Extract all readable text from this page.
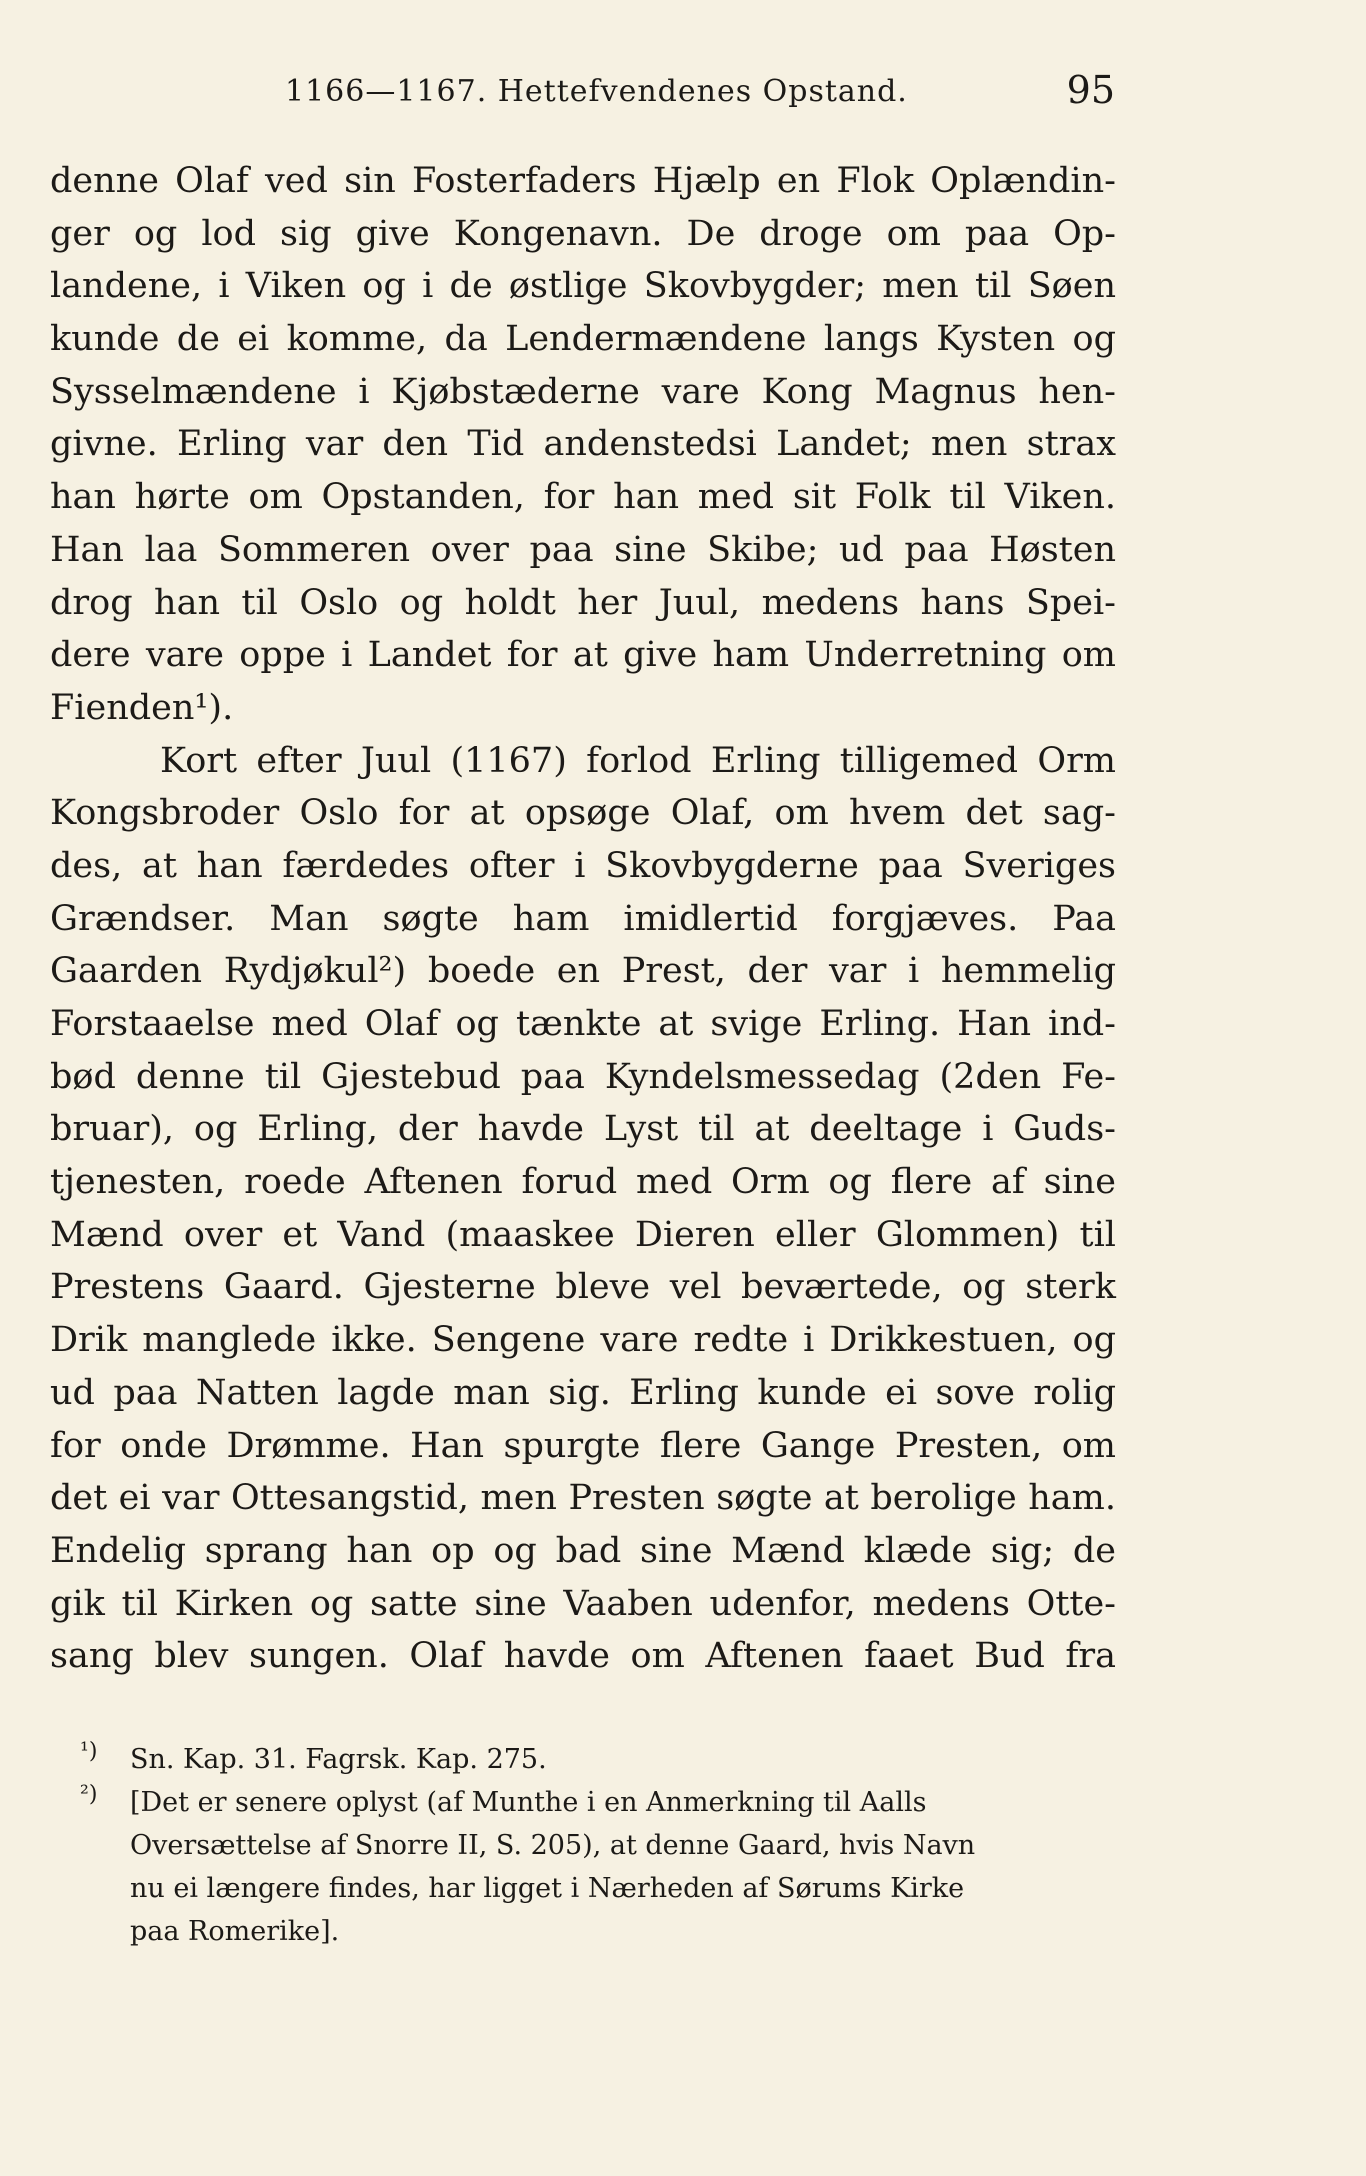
1166—1167. Hettefvendenes Opstand.	95
denne Olaf ved sin Fosterfaders Hjælp en Flok Oplændin-
ger og lod sig give Kongenavn. De droge om paa Op-
landene, i Viken og i de østlige Skovbygder; men til Søen
kunde de ei komme, da Lendermændene langs Kysten og
Sysselmændene i Kjøbstæderne vare Kong Magnus hen-
givne. Erling var den Tid andenstedsi Landet; men strax
han hørte om Opstanden, for han med sit Folk til Viken.
Han laa Sommeren over paa sine Skibe; ud paa Høsten
drog han til Oslo og holdt her Juul, medens hans Spei-
dere vare oppe i Landet for at give ham Underretning om
Fienden¹).
Kort efter Juul (1167) forlod Erling tilligemed Orm
Kongsbroder Oslo for at opsøge Olaf, om hvem det sag-
des, at han færdedes ofter i Skovbygderne paa Sveriges
Grændser. Man søgte ham imidlertid forgjæves. Paa
Gaarden Rydjøkul²) boede en Prest, der var i hemmelig
Forstaaelse med Olaf og tænkte at svige Erling. Han ind-
bød denne til Gjestebud paa Kyndelsmessedag (2den Fe-
bruar), og Erling, der havde Lyst til at deeltage i Guds-
tjenesten, roede Aftenen forud med Orm og flere af sine
Mænd over et Vand (maaskee Dieren eller Glommen) til
Prestens Gaard. Gjesterne bleve vel beværtede, og sterk
Drik manglede ikke. Sengene vare redte i Drikkestuen, og
ud paa Natten lagde man sig. Erling kunde ei sove rolig
for onde Drømme. Han spurgte flere Gange Presten, om
det ei var Ottesangstid, men Presten søgte at berolige ham.
Endelig sprang han op og bad sine Mænd klæde sig; de
gik til Kirken og satte sine Vaaben udenfor, medens Otte-
sang blev sungen. Olaf havde om Aftenen faaet Bud fra
¹) Sn. Kap. 31. Fagrsk. Kap. 275.
²) [Det er senere oplyst (af Munthe i en Anmerkning til Aalls
Oversættelse af Snorre II, S. 205), at denne Gaard, hvis Navn
nu ei længere findes, har ligget i Nærheden af Sørums Kirke
paa Romerike].
